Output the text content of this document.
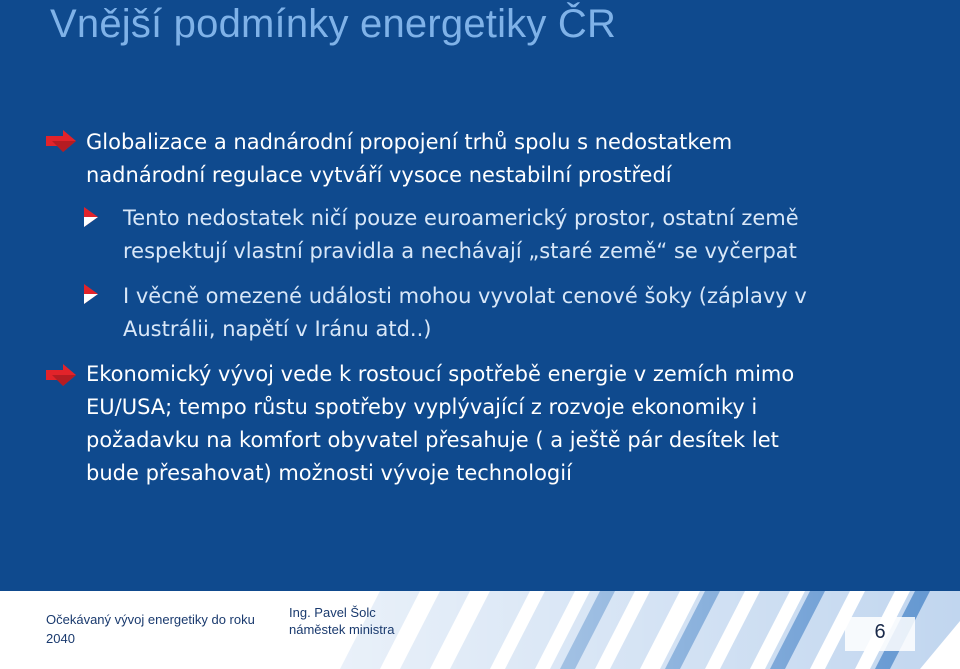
Vnější podmínky energetiky ČR
Globalizace a nadnárodní propojení trhů spolu s nedostatkem
nadnárodní regulace vytváří vysoce nestabilní prostředí
Tento nedostatek ničí pouze euroamerický prostor, ostatní země
respektují vlastní pravidla a nechávají „staré země“ se vyčerpat
I věcně omezené události mohou vyvolat cenové šoky (záplavy v
Austrálii, napětí v Iránu atd..)
Ekonomický vývoj vede k rostoucí spotřebě energie v zemích mimo
EU/USA; tempo růstu spotřeby vyplývající z rozvoje ekonomiky i
požadavku na komfort obyvatel přesahuje ( a ještě pár desítek let
bude přesahovat) možnosti vývoje technologií
Očekávaný vývoj energetiky do roku 2040
Ing. Pavel Šolc
náměstek ministra	6
